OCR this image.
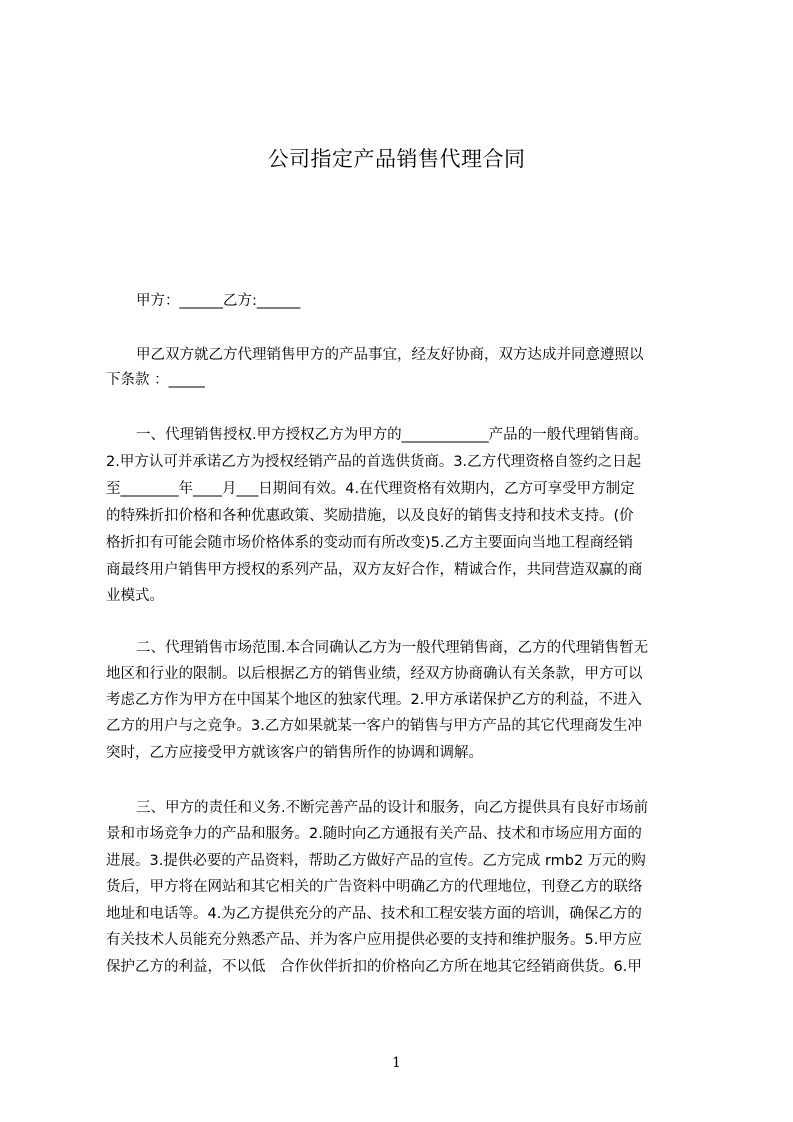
公司指定产品销售代理合同
甲方：______乙方:______
甲乙双方就乙方代理销售甲方的产品事宜，经友好协商，双方达成并同意遵照以
下条款 ：_____
一、代理销售授权.甲方授权乙方为甲方的____________产品的一般代理销售商。
2.甲方认可并承诺乙方为授权经销产品的首选供货商。3.乙方代理资格自签约之日起
至________年____月___日期间有效。4.在代理资格有效期内，乙方可享受甲方制定
的特殊折扣价格和各种优惠政策、奖励措施，以及良好的销售支持和技术支持。(价
格折扣有可能会随市场价格体系的变动而有所改变)5.乙方主要面向当地工程商经销
商最终用户销售甲方授权的系列产品，双方友好合作，精诚合作，共同营造双赢的商
业模式。
二、代理销售市场范围.本合同确认乙方为一般代理销售商，乙方的代理销售暂无
地区和行业的限制。以后根据乙方的销售业绩，经双方协商确认有关条款，甲方可以
考虑乙方作为甲方在中国某个地区的独家代理。2.甲方承诺保护乙方的利益，不进入
乙方的用户与之竞争。3.乙方如果就某一客户的销售与甲方产品的其它代理商发生冲
突时，乙方应接受甲方就该客户的销售所作的协调和调解。
三、甲方的责任和义务.不断完善产品的设计和服务，向乙方提供具有良好市场前
景和市场竞争力的产品和服务。2.随时向乙方通报有关产品、技术和市场应用方面的
进展。3.提供必要的产品资料，帮助乙方做好产品的宣传。乙方完成 rmb2 万元的购
货后，甲方将在网站和其它相关的广告资料中明确乙方的代理地位，刊登乙方的联络
地址和电话等。4.为乙方提供充分的产品、技术和工程安装方面的培训，确保乙方的
有关技术人员能充分熟悉产品、并为客户应用提供必要的支持和维护服务。5.甲方应
保护乙方的利益，不以低　合作伙伴折扣的价格向乙方所在地其它经销商供货。6.甲
1
